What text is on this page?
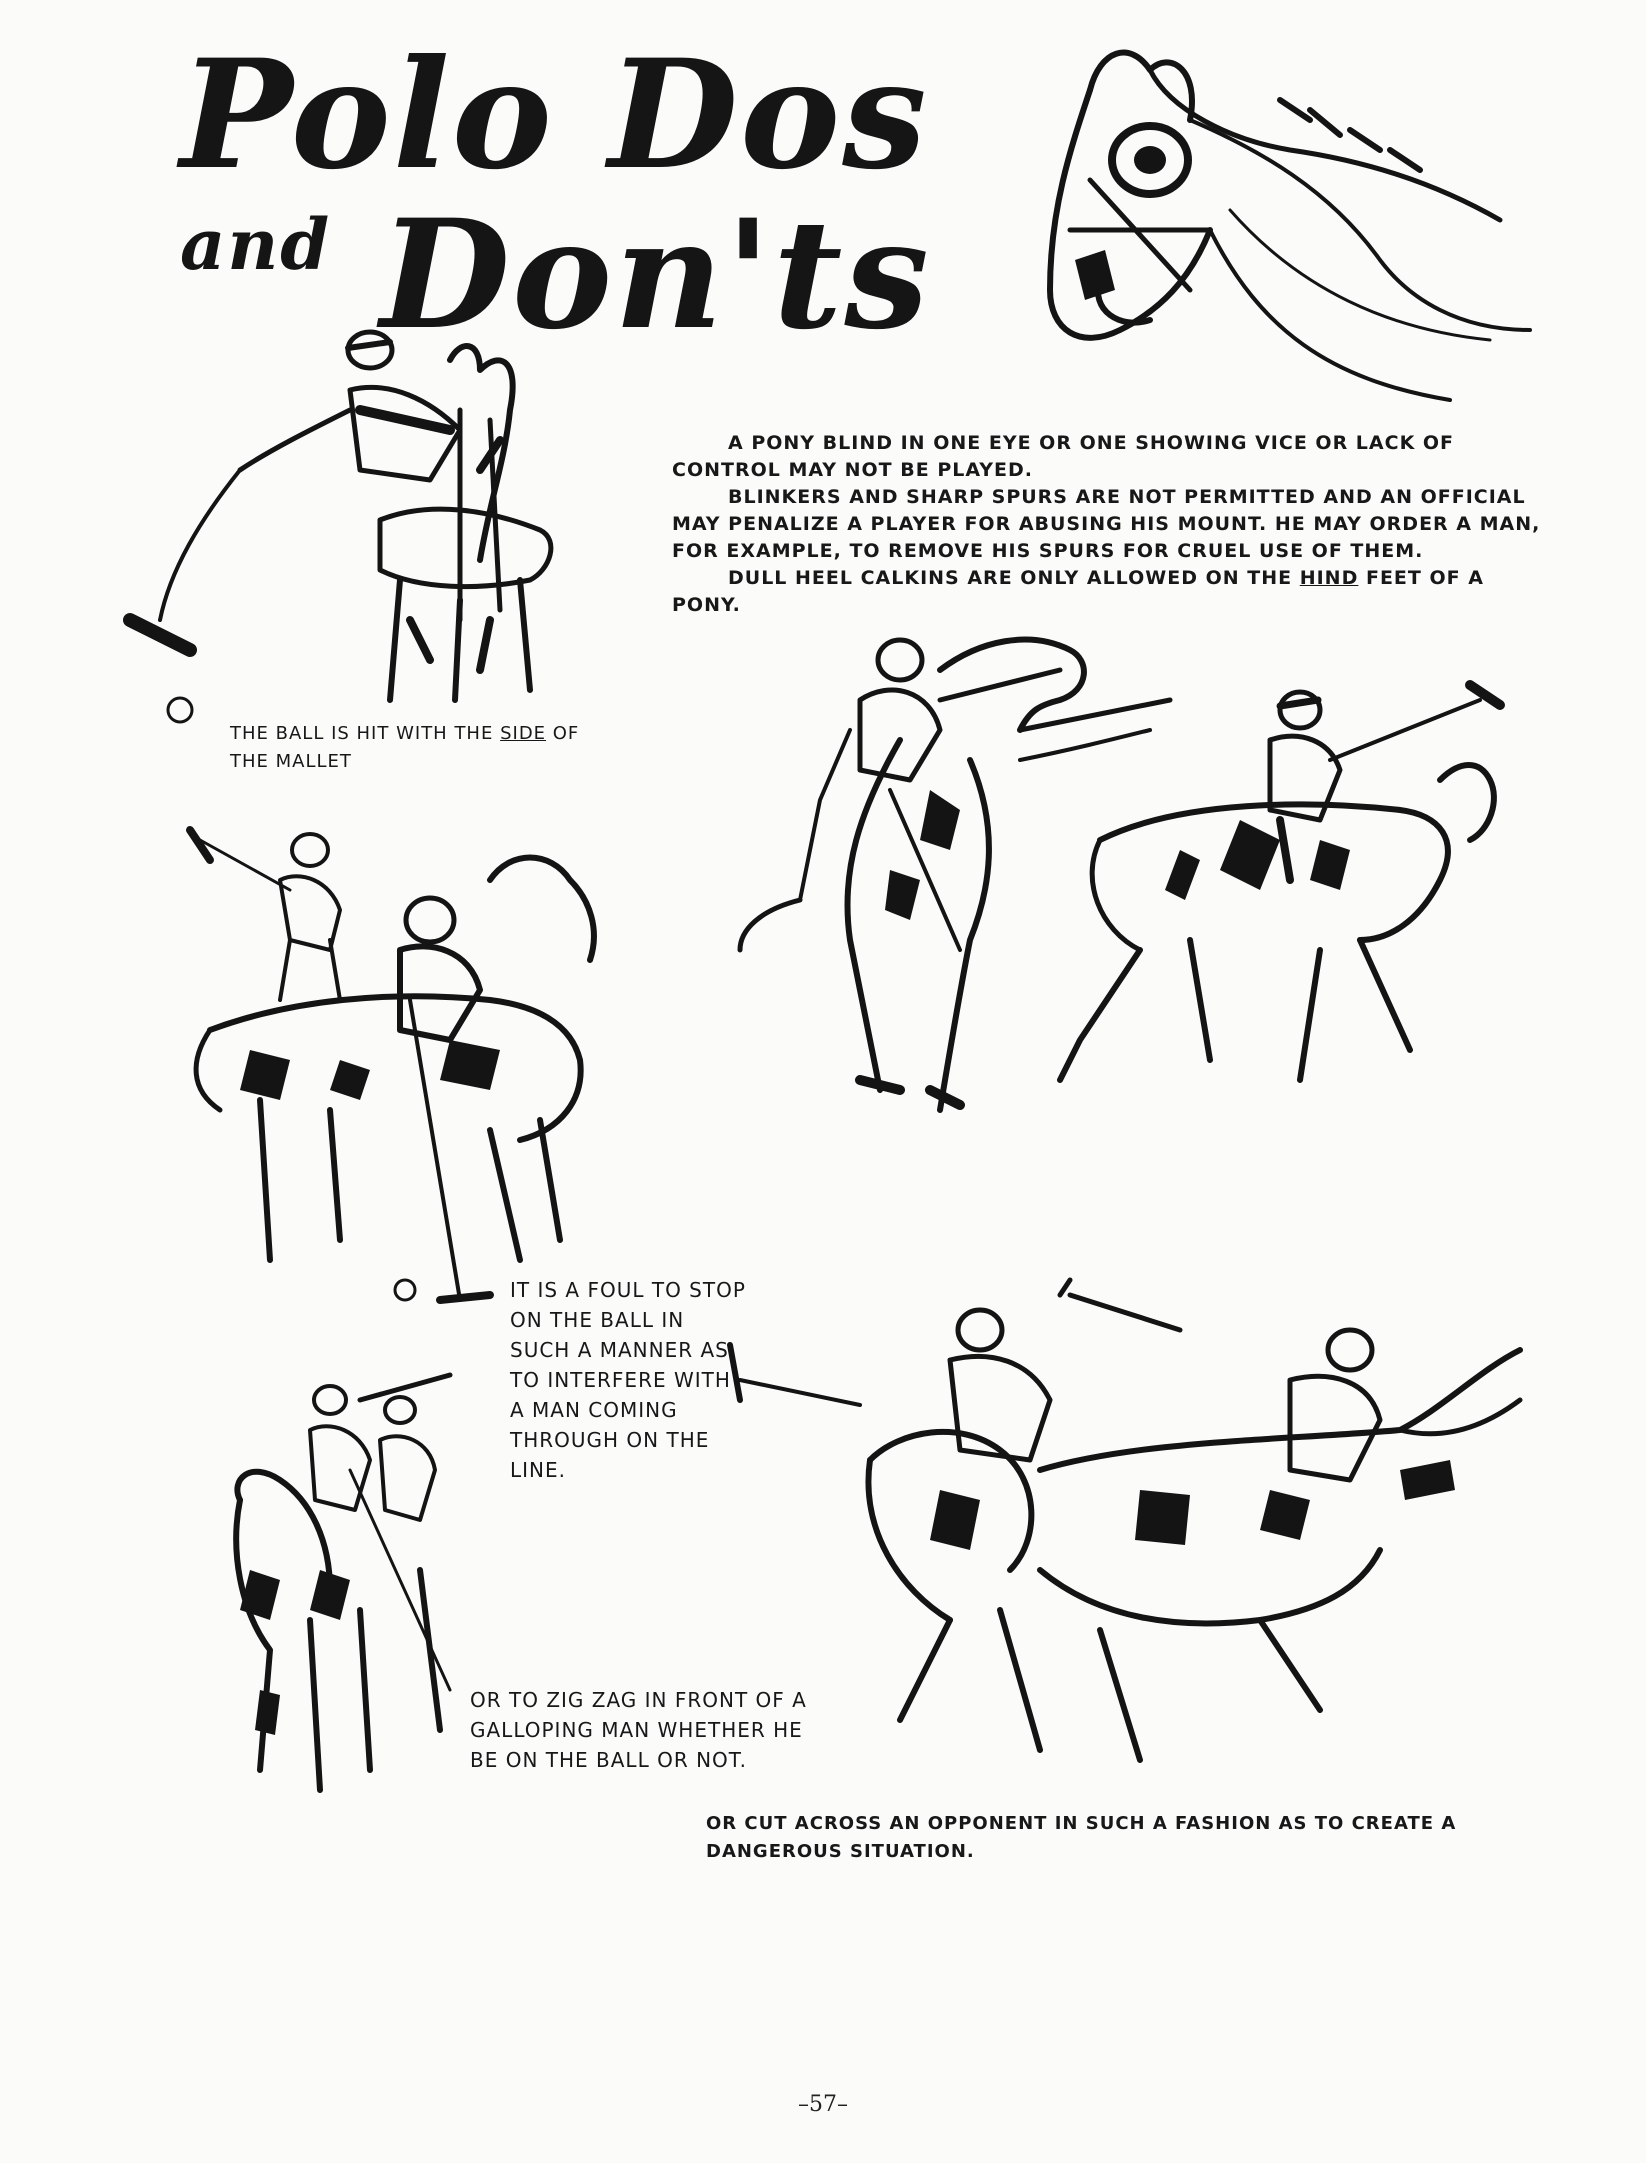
Polo Dos
and Don'ts

A PONY BLIND IN ONE EYE OR ONE SHOWING VICE OR LACK OF CONTROL MAY NOT BE PLAYED.

BLINKERS AND SHARP SPURS ARE NOT PERMITTED AND AN OFFICIAL MAY PENALIZE A PLAYER FOR ABUSING HIS MOUNT. HE MAY ORDER A MAN, FOR EXAMPLE, TO REMOVE HIS SPURS FOR CRUEL USE OF THEM.

DULL HEEL CALKINS ARE ONLY ALLOWED ON THE HIND FEET OF A PONY.

THE BALL IS HIT WITH THE SIDE OF THE MALLET
IT IS A FOUL TO STOP ON THE BALL IN SUCH A MANNER AS TO INTERFERE WITH A MAN COMING THROUGH ON THE LINE.
OR TO ZIG ZAG IN FRONT OF A GALLOPING MAN WHETHER HE BE ON THE BALL OR NOT.
OR CUT ACROSS AN OPPONENT IN SUCH A FASHION AS TO CREATE A DANGEROUS SITUATION.
–57–
